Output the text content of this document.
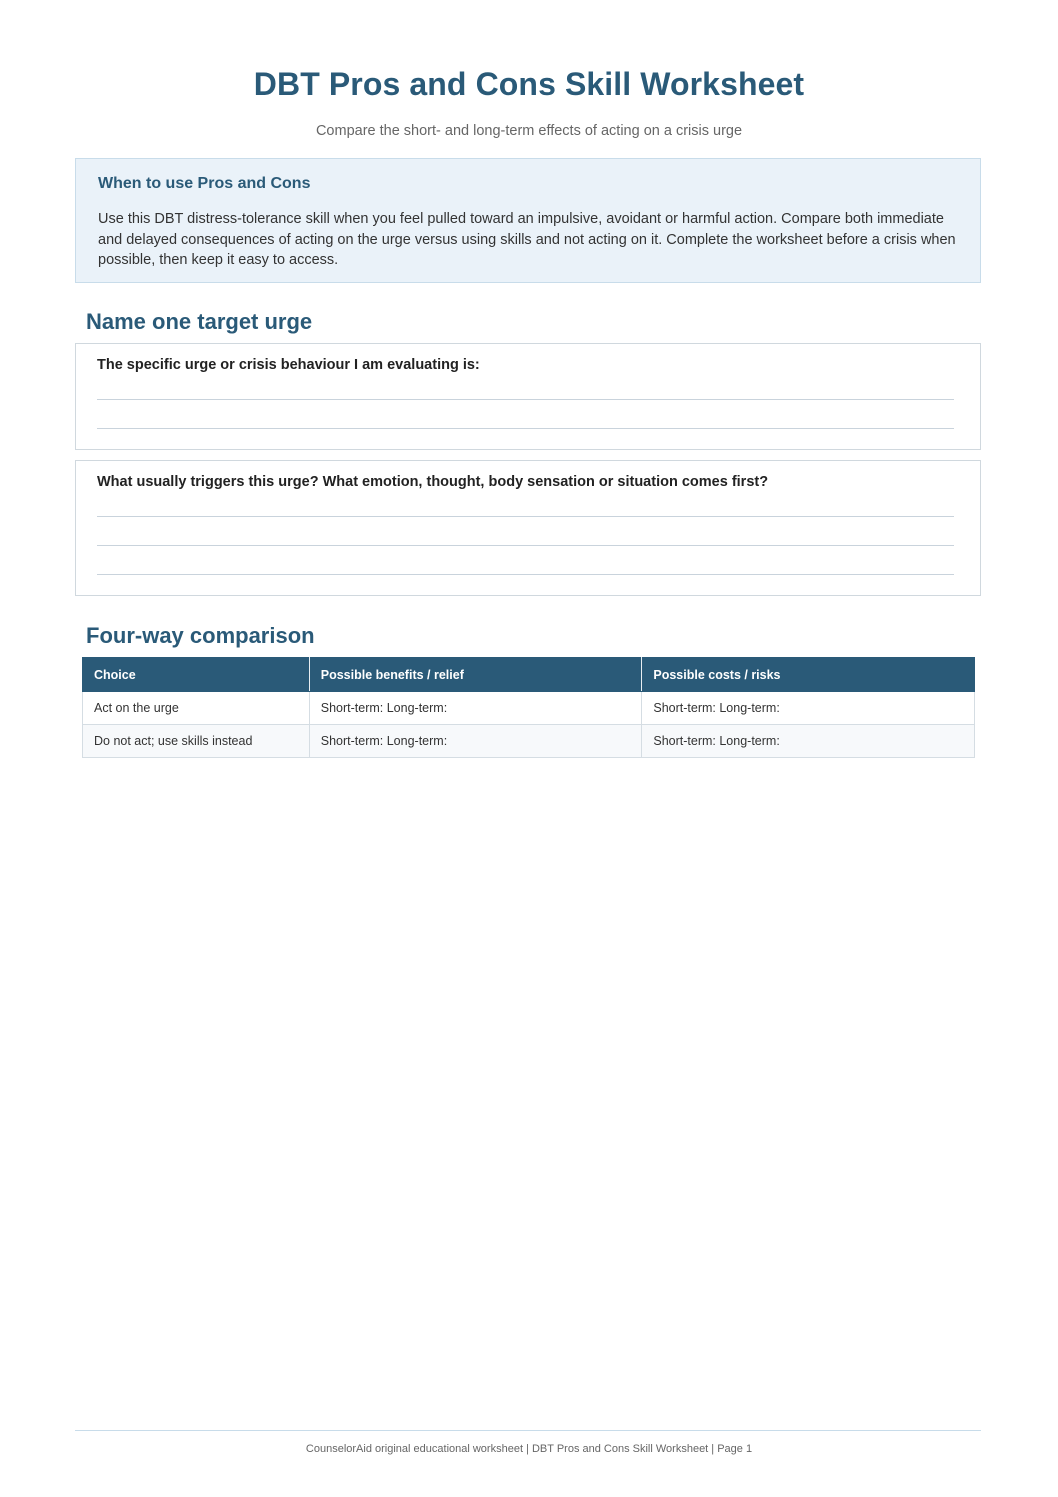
DBT Pros and Cons Skill Worksheet
Compare the short- and long-term effects of acting on a crisis urge
When to use Pros and Cons
Use this DBT distress-tolerance skill when you feel pulled toward an impulsive, avoidant or harmful action. Compare both immediate and delayed consequences of acting on the urge versus using skills and not acting on it. Complete the worksheet before a crisis when possible, then keep it easy to access.
Name one target urge
The specific urge or crisis behaviour I am evaluating is:
What usually triggers this urge? What emotion, thought, body sensation or situation comes first?
Four-way comparison
Choice	Possible benefits / relief	Possible costs / risks
Act on the urge	Short-term: Long-term:	Short-term: Long-term:
Do not act; use skills instead	Short-term: Long-term:	Short-term: Long-term:
CounselorAid original educational worksheet | DBT Pros and Cons Skill Worksheet | Page 1
